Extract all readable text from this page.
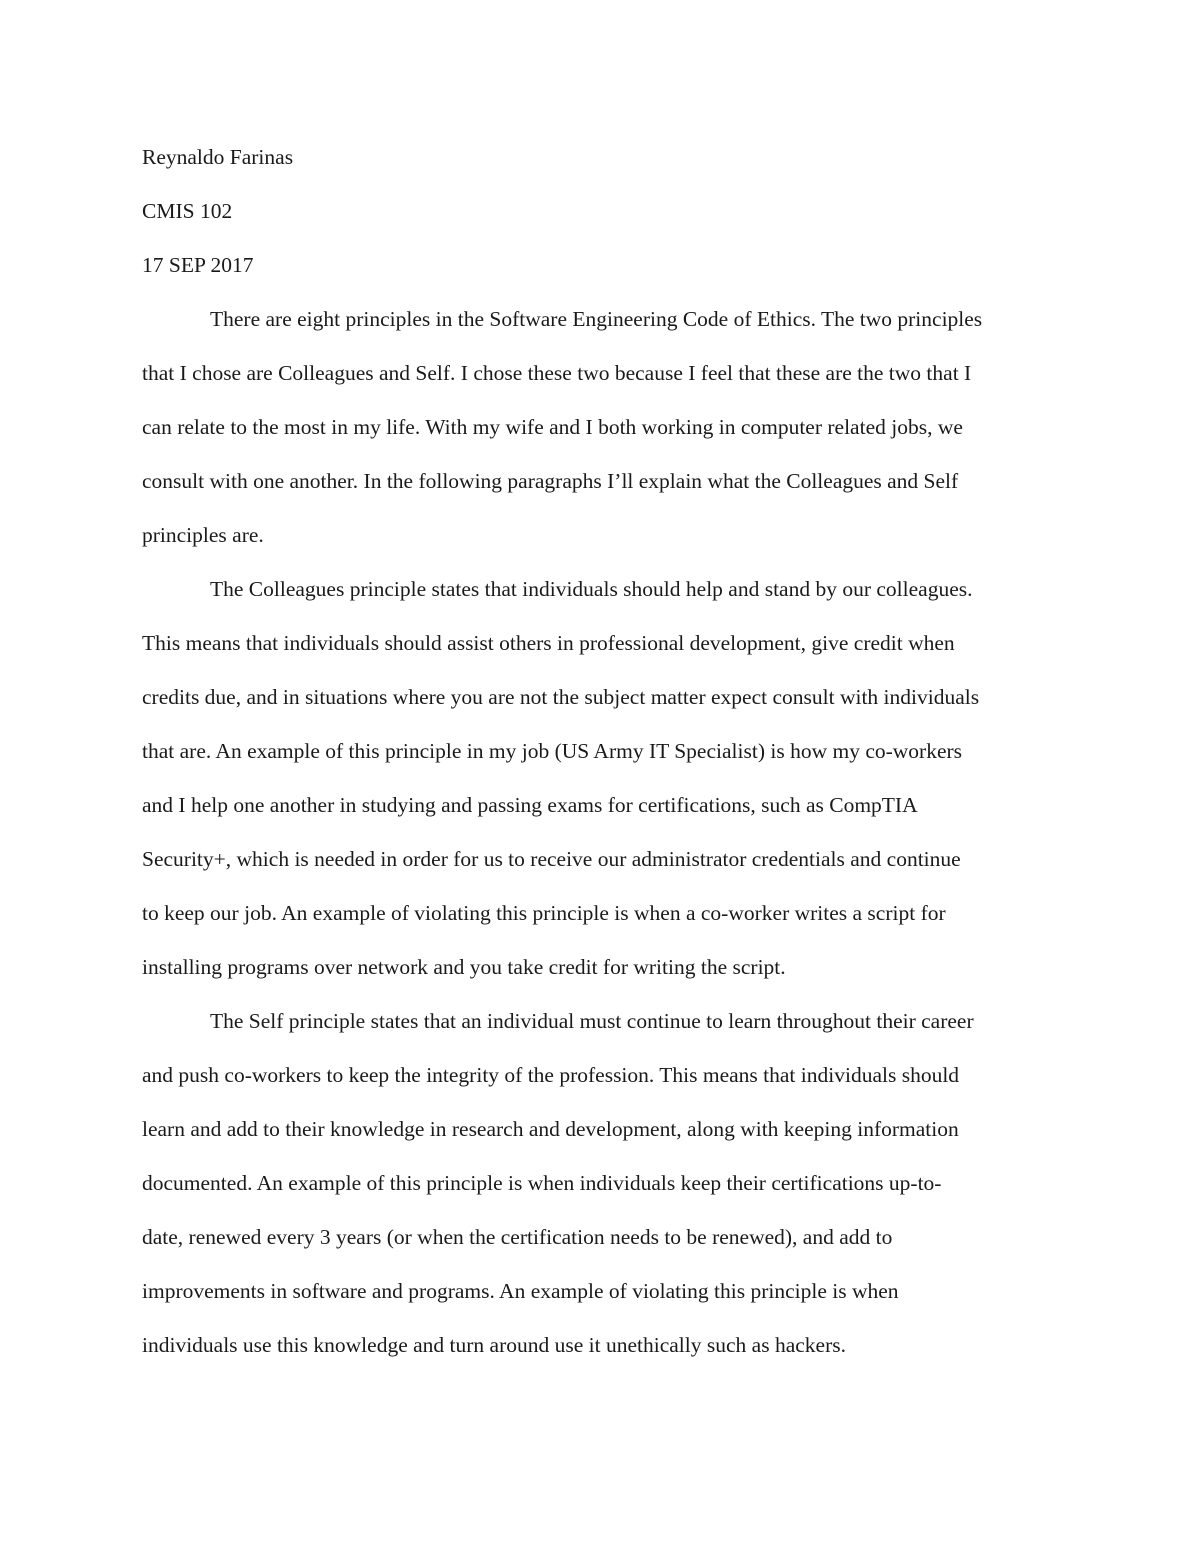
Reynaldo Farinas

CMIS 102

17 SEP 2017

There are eight principles in the Software Engineering Code of Ethics. The two principles
that I chose are Colleagues and Self. I chose these two because I feel that these are the two that I
can relate to the most in my life. With my wife and I both working in computer related jobs, we
consult with one another. In the following paragraphs I’ll explain what the Colleagues and Self
principles are.

The Colleagues principle states that individuals should help and stand by our colleagues.
This means that individuals should assist others in professional development, give credit when
credits due, and in situations where you are not the subject matter expect consult with individuals
that are. An example of this principle in my job (US Army IT Specialist) is how my co-workers
and I help one another in studying and passing exams for certifications, such as CompTIA
Security+, which is needed in order for us to receive our administrator credentials and continue
to keep our job. An example of violating this principle is when a co-worker writes a script for
installing programs over network and you take credit for writing the script.

The Self principle states that an individual must continue to learn throughout their career
and push co-workers to keep the integrity of the profession. This means that individuals should
learn and add to their knowledge in research and development, along with keeping information
documented. An example of this principle is when individuals keep their certifications up-to-
date, renewed every 3 years (or when the certification needs to be renewed), and add to
improvements in software and programs. An example of violating this principle is when
individuals use this knowledge and turn around use it unethically such as hackers.
